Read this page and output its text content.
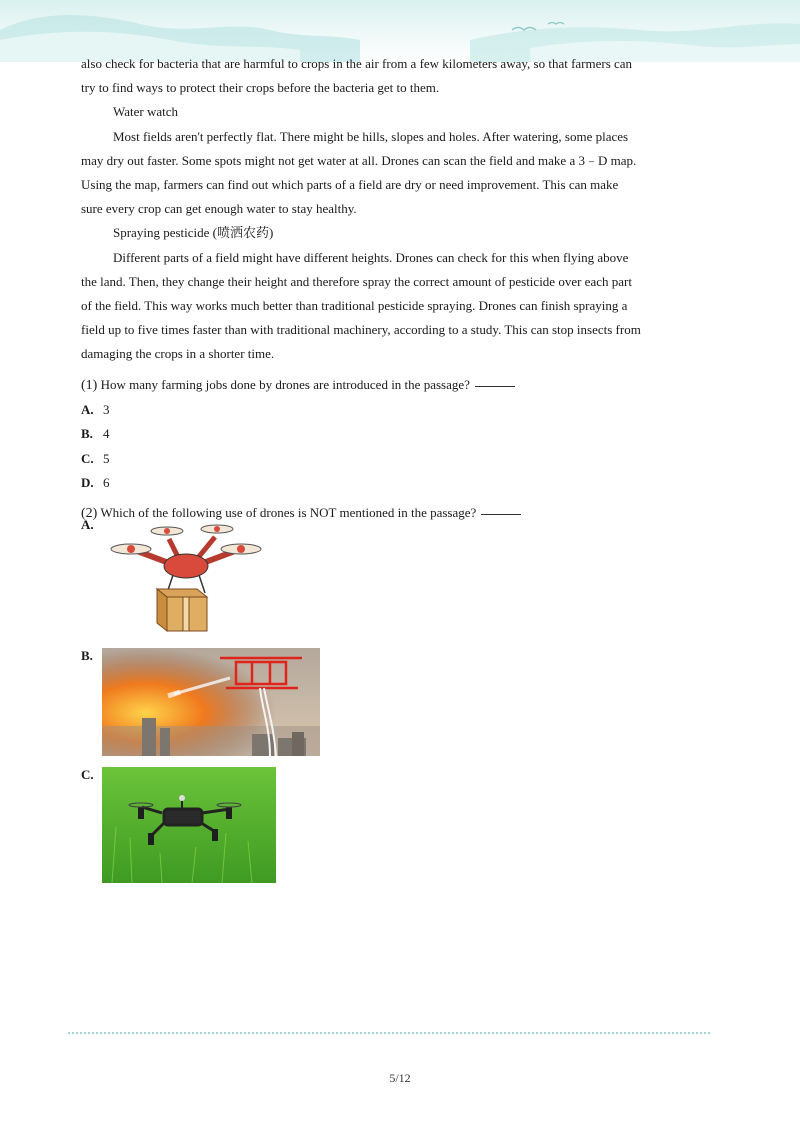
also check for bacteria that are harmful to crops in the air from a few kilometers away, so that farmers can

try to find ways to protect their crops before the bacteria get to them.

Water watch

Most fields aren't perfectly flat. There might be hills, slopes and holes. After watering, some places

may dry out faster. Some spots might not get water at all. Drones can scan the field and make a 3﹣D map.

Using the map, farmers can find out which parts of a field are dry or need improvement. This can make

sure every crop can get enough water to stay healthy.

Spraying pesticide (喷洒农药)

Different parts of a field might have different heights. Drones can check for this when flying above

the land. Then, they change their height and therefore spray the correct amount of pesticide over each part

of the field. This way works much better than traditional pesticide spraying. Drones can finish spraying a

field up to five times faster than with traditional machinery, according to a study. This can stop insects from

damaging the crops in a shorter time.

(1) How many farming jobs done by drones are introduced in the passage?
A. 3
B. 4
C. 5
D. 6
(2) Which of the following use of drones is NOT mentioned in the passage?
A.
B.
C.
5/12
